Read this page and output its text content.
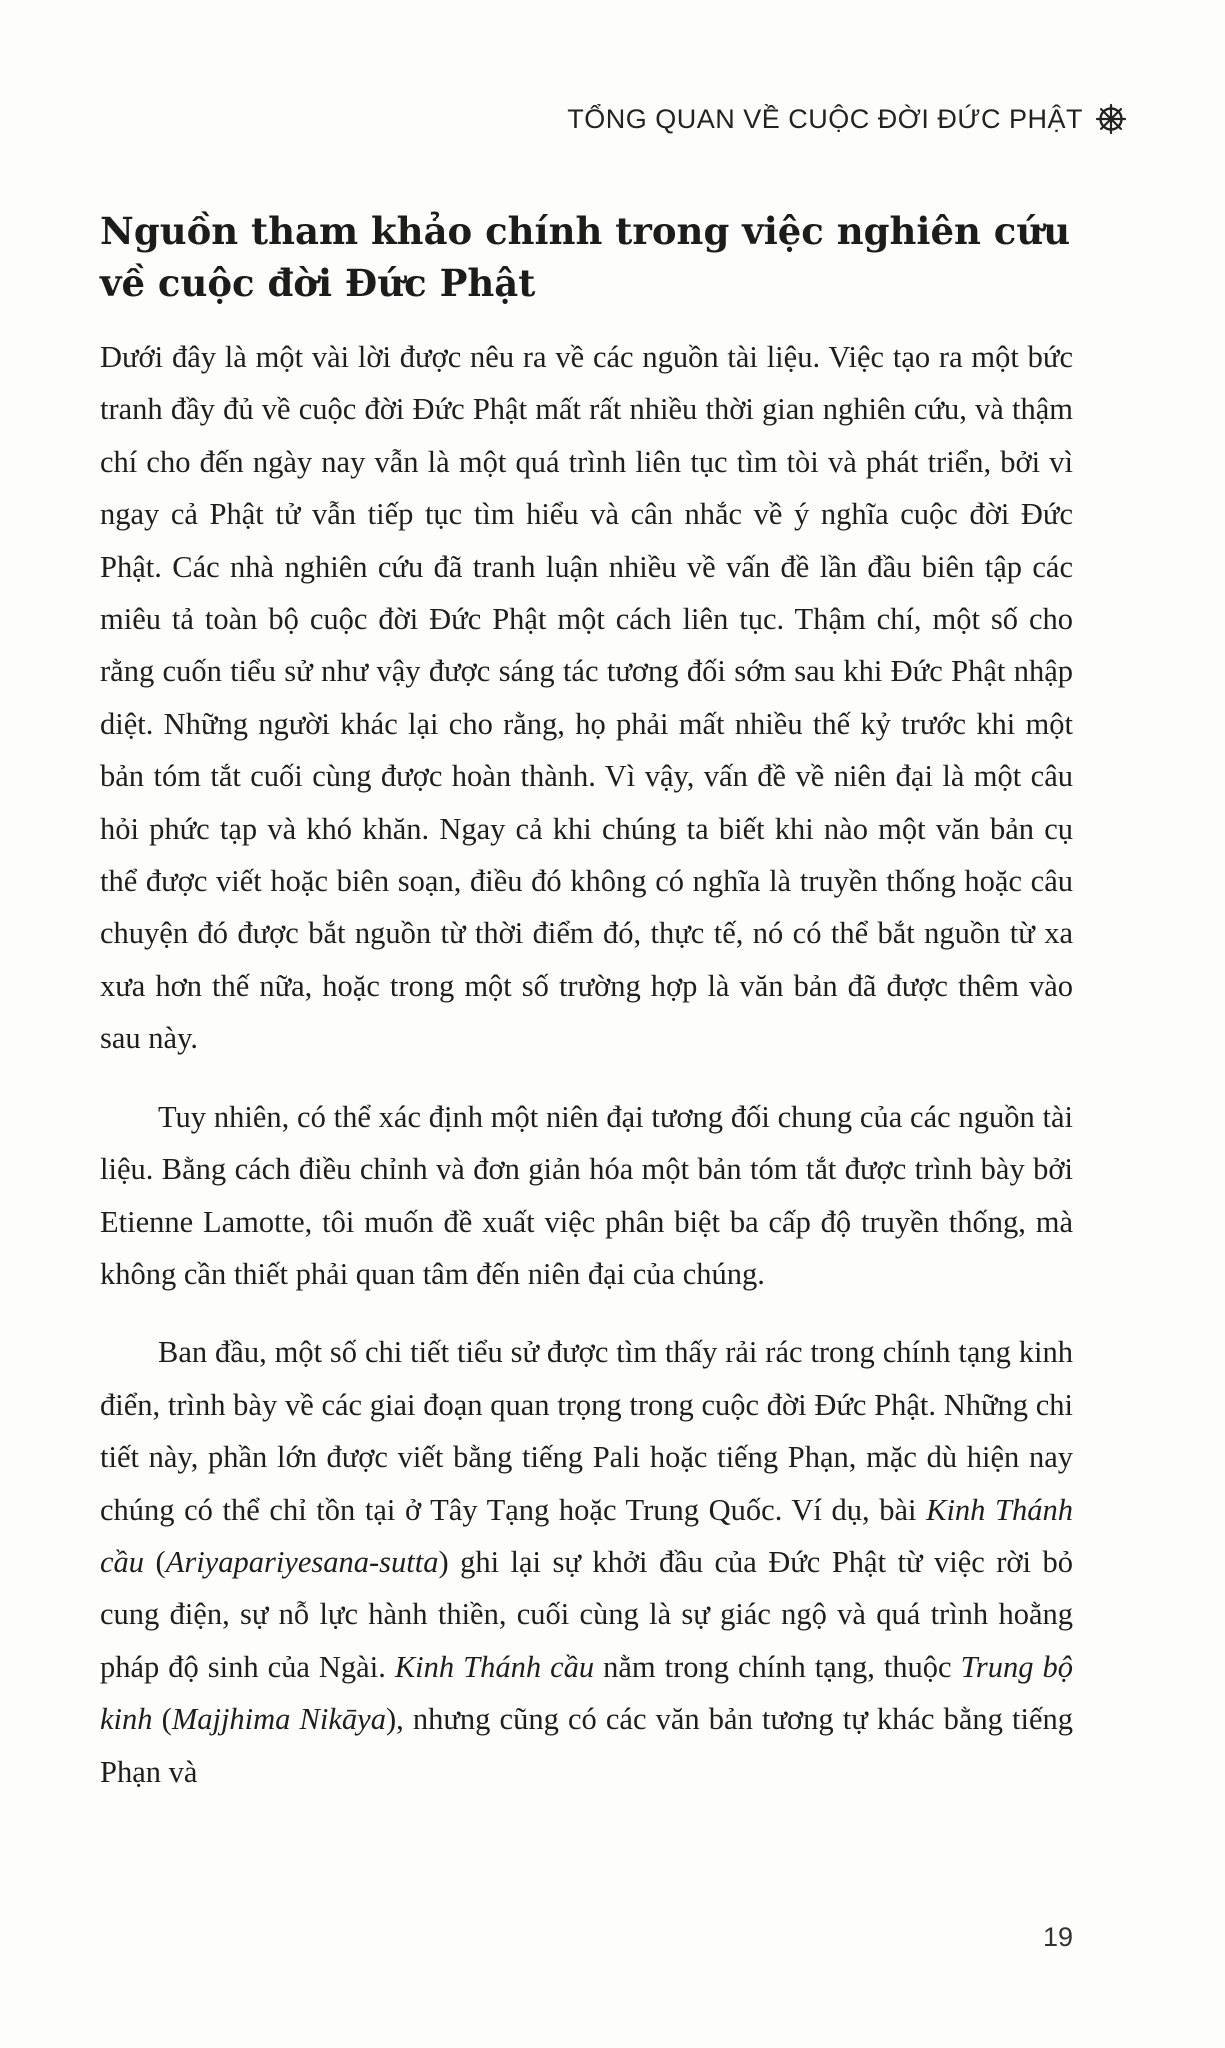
TỔNG QUAN VỀ CUỘC ĐỜI ĐỨC PHẬT
Nguồn tham khảo chính trong việc nghiên cứu về cuộc đời Đức Phật

Dưới đây là một vài lời được nêu ra về các nguồn tài liệu. Việc tạo ra một bức tranh đầy đủ về cuộc đời Đức Phật mất rất nhiều thời gian nghiên cứu, và thậm chí cho đến ngày nay vẫn là một quá trình liên tục tìm tòi và phát triển, bởi vì ngay cả Phật tử vẫn tiếp tục tìm hiểu và cân nhắc về ý nghĩa cuộc đời Đức Phật. Các nhà nghiên cứu đã tranh luận nhiều về vấn đề lần đầu biên tập các miêu tả toàn bộ cuộc đời Đức Phật một cách liên tục. Thậm chí, một số cho rằng cuốn tiểu sử như vậy được sáng tác tương đối sớm sau khi Đức Phật nhập diệt. Những người khác lại cho rằng, họ phải mất nhiều thế kỷ trước khi một bản tóm tắt cuối cùng được hoàn thành. Vì vậy, vấn đề về niên đại là một câu hỏi phức tạp và khó khăn. Ngay cả khi chúng ta biết khi nào một văn bản cụ thể được viết hoặc biên soạn, điều đó không có nghĩa là truyền thống hoặc câu chuyện đó được bắt nguồn từ thời điểm đó, thực tế, nó có thể bắt nguồn từ xa xưa hơn thế nữa, hoặc trong một số trường hợp là văn bản đã được thêm vào sau này.

Tuy nhiên, có thể xác định một niên đại tương đối chung của các nguồn tài liệu. Bằng cách điều chỉnh và đơn giản hóa một bản tóm tắt được trình bày bởi Etienne Lamotte, tôi muốn đề xuất việc phân biệt ba cấp độ truyền thống, mà không cần thiết phải quan tâm đến niên đại của chúng.

Ban đầu, một số chi tiết tiểu sử được tìm thấy rải rác trong chính tạng kinh điển, trình bày về các giai đoạn quan trọng trong cuộc đời Đức Phật. Những chi tiết này, phần lớn được viết bằng tiếng Pali hoặc tiếng Phạn, mặc dù hiện nay chúng có thể chỉ tồn tại ở Tây Tạng hoặc Trung Quốc. Ví dụ, bài Kinh Thánh cầu (Ariyapariyesana-sutta) ghi lại sự khởi đầu của Đức Phật từ việc rời bỏ cung điện, sự nỗ lực hành thiền, cuối cùng là sự giác ngộ và quá trình hoằng pháp độ sinh của Ngài. Kinh Thánh cầu nằm trong chính tạng, thuộc Trung bộ kinh (Majjhima Nikāya), nhưng cũng có các văn bản tương tự khác bằng tiếng Phạn và

19
